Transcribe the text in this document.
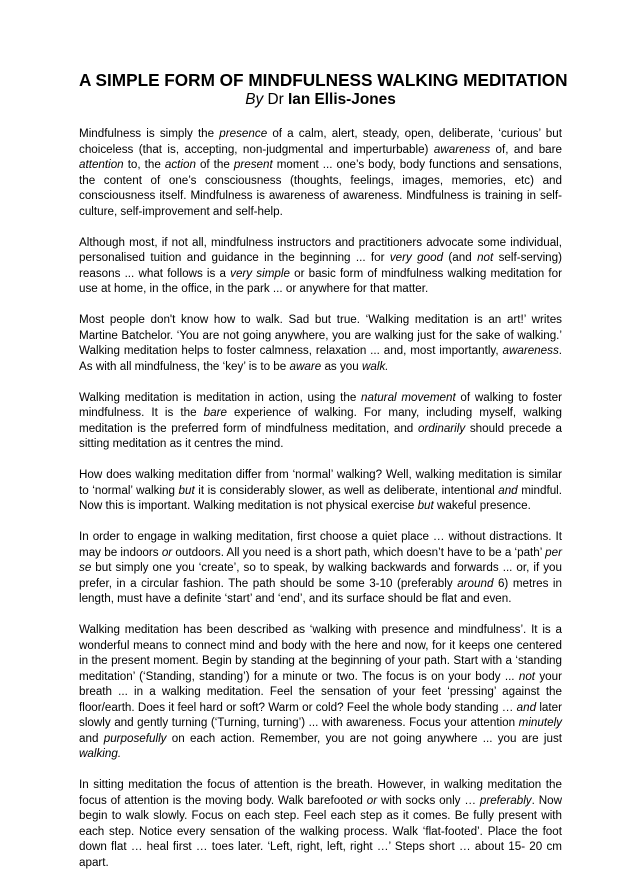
A SIMPLE FORM OF MINDFULNESS WALKING MEDITATION

By Dr Ian Ellis-Jones

Mindfulness is simply the presence of a calm, alert, steady, open, deliberate, ‘curious’ but choiceless (that is, accepting, non-judgmental and imperturbable) awareness of, and bare attention to, the action of the present moment ... one’s body, body functions and sensations, the content of one’s consciousness (thoughts, feelings, images, memories, etc) and consciousness itself. Mindfulness is awareness of awareness. Mindfulness is training in self-culture, self-improvement and self-help.

Although most, if not all, mindfulness instructors and practitioners advocate some individual, personalised tuition and guidance in the beginning ... for very good (and not self-serving) reasons ... what follows is a very simple or basic form of mindfulness walking meditation for use at home, in the office, in the park ... or anywhere for that matter.

Most people don't know how to walk. Sad but true. ‘Walking meditation is an art!’ writes Martine Batchelor. ‘You are not going anywhere, you are walking just for the sake of walking.’ Walking meditation helps to foster calmness, relaxation ... and, most importantly, awareness. As with all mindfulness, the ‘key’ is to be aware as you walk.

Walking meditation is meditation in action, using the natural movement of walking to foster mindfulness. It is the bare experience of walking. For many, including myself, walking meditation is the preferred form of mindfulness meditation, and ordinarily should precede a sitting meditation as it centres the mind.

How does walking meditation differ from ‘normal’ walking? Well, walking meditation is similar to ‘normal’ walking but it is considerably slower, as well as deliberate, intentional and mindful. Now this is important. Walking meditation is not physical exercise but wakeful presence.

In order to engage in walking meditation, first choose a quiet place … without distractions. It may be indoors or outdoors. All you need is a short path, which doesn’t have to be a ‘path’ per se but simply one you ‘create’, so to speak, by walking backwards and forwards ... or, if you prefer, in a circular fashion. The path should be some 3-10 (preferably around 6) metres in length, must have a definite ‘start’ and ‘end’, and its surface should be flat and even.

Walking meditation has been described as ‘walking with presence and mindfulness’. It is a wonderful means to connect mind and body with the here and now, for it keeps one centered in the present moment. Begin by standing at the beginning of your path. Start with a ‘standing meditation’ (‘Standing, standing’) for a minute or two. The focus is on your body ... not your breath ... in a walking meditation. Feel the sensation of your feet ‘pressing’ against the floor/earth. Does it feel hard or soft? Warm or cold? Feel the whole body standing … and later slowly and gently turning (‘Turning, turning’) ... with awareness. Focus your attention minutely and purposefully on each action. Remember, you are not going anywhere ... you are just walking.

In sitting meditation the focus of attention is the breath. However, in walking meditation the focus of attention is the moving body. Walk barefooted or with socks only … preferably. Now begin to walk slowly. Focus on each step. Feel each step as it comes. Be fully present with each step. Notice every sensation of the walking process. Walk ‘flat-footed’. Place the foot down flat … heal first … toes later. ‘Left, right, left, right …’ Steps short … about 15- 20 cm apart.
